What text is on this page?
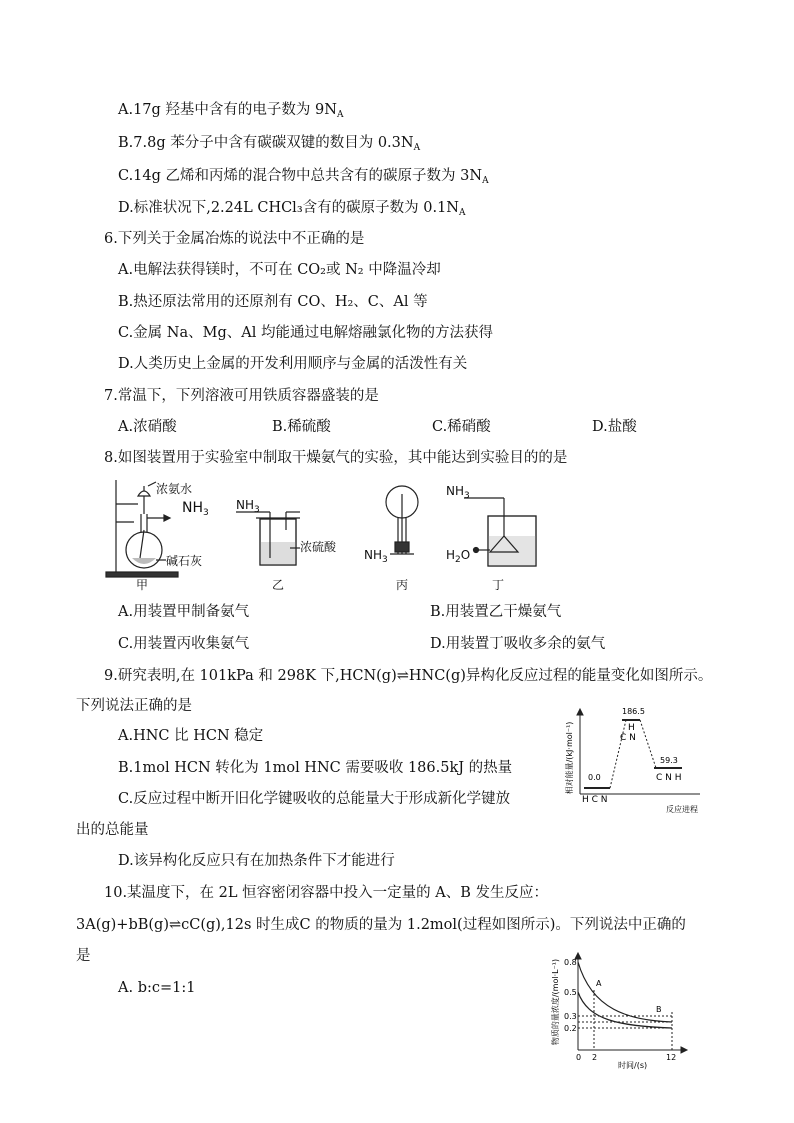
A.17g 羟基中含有的电子数为 $9N_A$
B.7.8g 苯分子中含有碳碳双键的数目为 $0.3N_A$
C.14g 乙烯和丙烯的混合物中总共含有的碳原子数为 $3N_A$
D.标准状况下,2.24L CHCl₃含有的碳原子数为 $0.1N_A$
6.下列关于金属冶炼的说法中不正确的是
A.电解法获得镁时，不可在 CO₂或 N₂ 中降温冷却
B.热还原法常用的还原剂有 CO、H₂、C、Al 等
C.金属 Na、Mg、Al 均能通过电解熔融氯化物的方法获得
D.人类历史上金属的开发利用顺序与金属的活泼性有关
7.常温下，下列溶液可用铁质容器盛装的是
A.浓硝酸	B.稀硫酸	C.稀硝酸	D.盐酸
8.如图装置用于实验室中制取干燥氨气的实验，其中能达到实验目的的是
浓氨水
$NH_3$
碱石灰
甲
$NH_3$
浓硫酸
乙
$NH_3$
丙
$NH_3$
$H_2O$
丁
A.用装置甲制备氨气	B.用装置乙干燥氨气
C.用装置丙收集氨气	D.用装置丁吸收多余的氨气
9.研究表明,在 101kPa 和 298K 下,HCN(g)⇌HNC(g)异构化反应过程的能量变化如图所示。
下列说法正确的是
A.HNC 比 HCN 稳定
B.1mol HCN 转化为 1mol HNC 需要吸收 186.5kJ 的热量
C.反应过程中断开旧化学键吸收的总能量大于形成新化学键放
出的总能量
D.该异构化反应只有在加热条件下才能进行
相对能量/(kJ·mol⁻¹) 0.0
186.5
59.3
H C N
H
C N
C N H
反应进程
10.某温度下，在 2L 恒容密闭容器中投入一定量的 A、B 发生反应：
3A(g)+bB(g)⇌cC(g),12s 时生成C 的物质的量为 1.2mol(过程如图所示)。下列说法中正确的
是
A. b:c=1:1	物质的量浓度/(mol·L⁻¹) 0.8
0.5
0.3
0.2
0 2	12
时间/(s)
A
B
